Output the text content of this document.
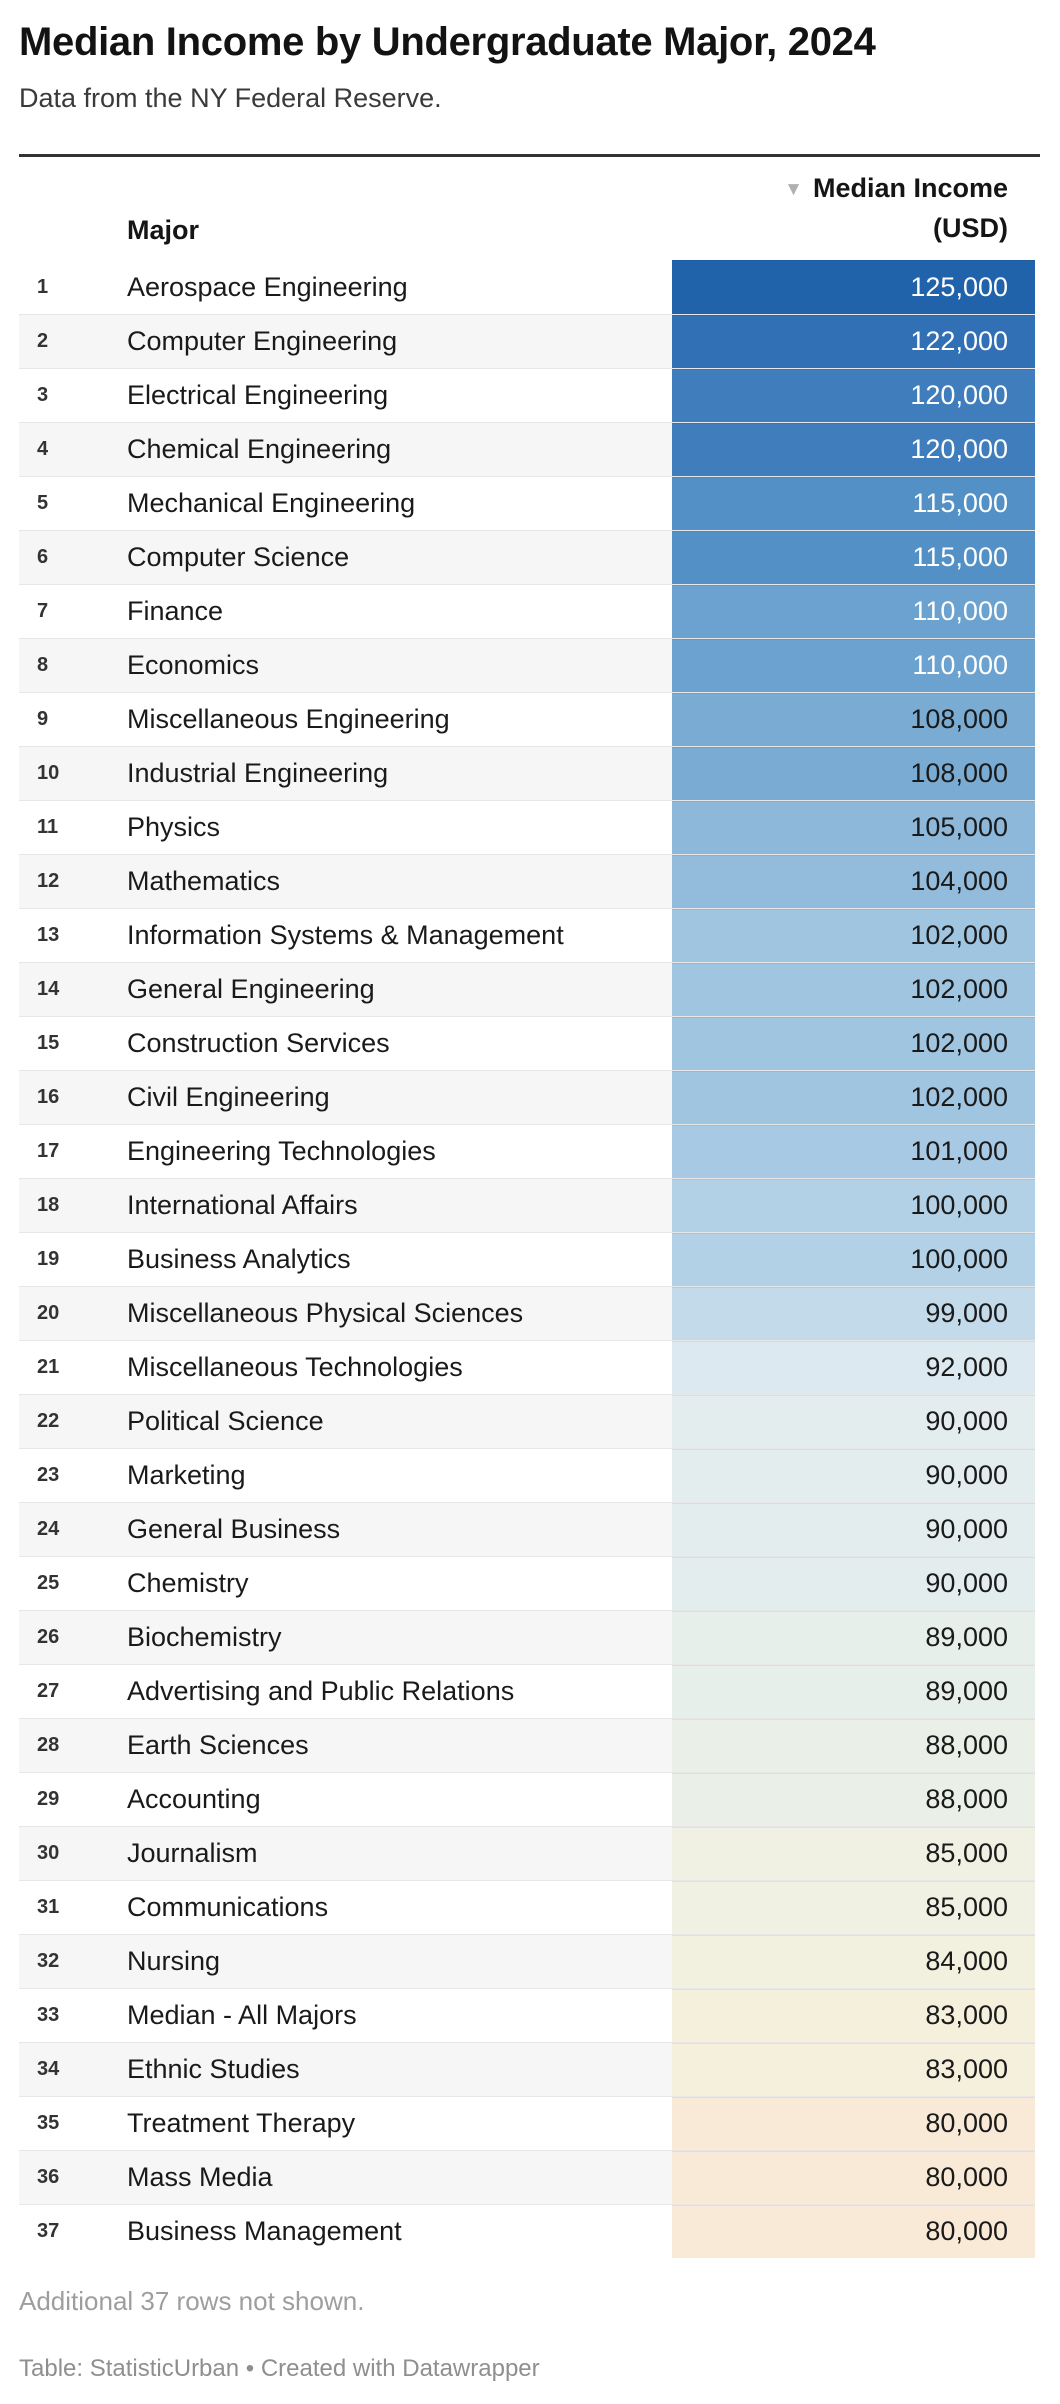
Median Income by Undergraduate Major, 2024
Data from the NY Federal Reserve.
Major
▼ Median Income
(USD)
1	Aerospace Engineering	125,000
2	Computer Engineering	122,000
3	Electrical Engineering	120,000
4	Chemical Engineering	120,000
5	Mechanical Engineering	115,000
6	Computer Science	115,000
7	Finance	110,000
8	Economics	110,000
9	Miscellaneous Engineering	108,000
10	Industrial Engineering	108,000
11	Physics	105,000
12	Mathematics	104,000
13	Information Systems & Management	102,000
14	General Engineering	102,000
15	Construction Services	102,000
16	Civil Engineering	102,000
17	Engineering Technologies	101,000
18	International Affairs	100,000
19	Business Analytics	100,000
20	Miscellaneous Physical Sciences	99,000
21	Miscellaneous Technologies	92,000
22	Political Science	90,000
23	Marketing	90,000
24	General Business	90,000
25	Chemistry	90,000
26	Biochemistry	89,000
27	Advertising and Public Relations	89,000
28	Earth Sciences	88,000
29	Accounting	88,000
30	Journalism	85,000
31	Communications	85,000
32	Nursing	84,000
33	Median - All Majors	83,000
34	Ethnic Studies	83,000
35	Treatment Therapy	80,000
36	Mass Media	80,000
37	Business Management	80,000
Additional 37 rows not shown.
Table: StatisticUrban • Created with Datawrapper
